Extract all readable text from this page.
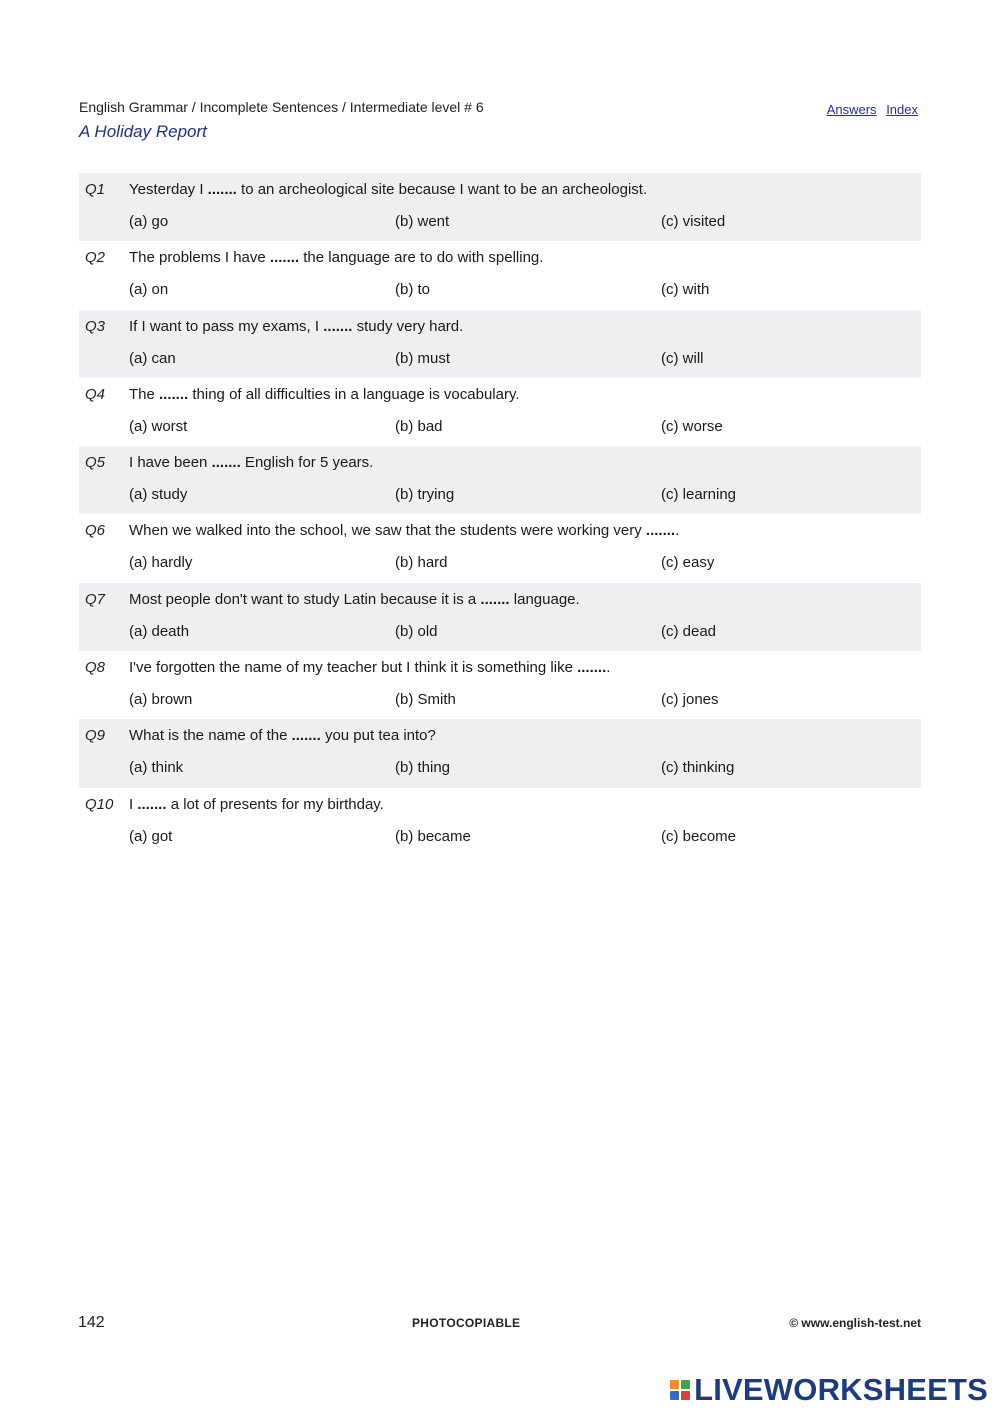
English Grammar / Incomplete Sentences / Intermediate level # 6
A Holiday Report
Answers Index
Q1 Yesterday I ....... to an archeological site because I want to be an archeologist.
(a) go	(b) went	(c) visited
Q2 The problems I have ....... the language are to do with spelling.
(a) on	(b) to	(c) with
Q3 If I want to pass my exams, I ....... study very hard.
(a) can	(b) must	(c) will
Q4 The ....... thing of all difficulties in a language is vocabulary.
(a) worst	(b) bad	(c) worse
Q5 I have been ....... English for 5 years.
(a) study	(b) trying	(c) learning
Q6 When we walked into the school, we saw that the students were working very ........
(a) hardly	(b) hard	(c) easy
Q7 Most people don't want to study Latin because it is a ....... language.
(a) death	(b) old	(c) dead
Q8 I've forgotten the name of my teacher but I think it is something like ........
(a) brown	(b) Smith	(c) jones
Q9 What is the name of the ....... you put tea into?
(a) think	(b) thing	(c) thinking
Q10 I ....... a lot of presents for my birthday.
(a) got	(b) became	(c) become
142	PHOTOCOPIABLE	© www.english-test.net
LIVEWORKSHEETS
